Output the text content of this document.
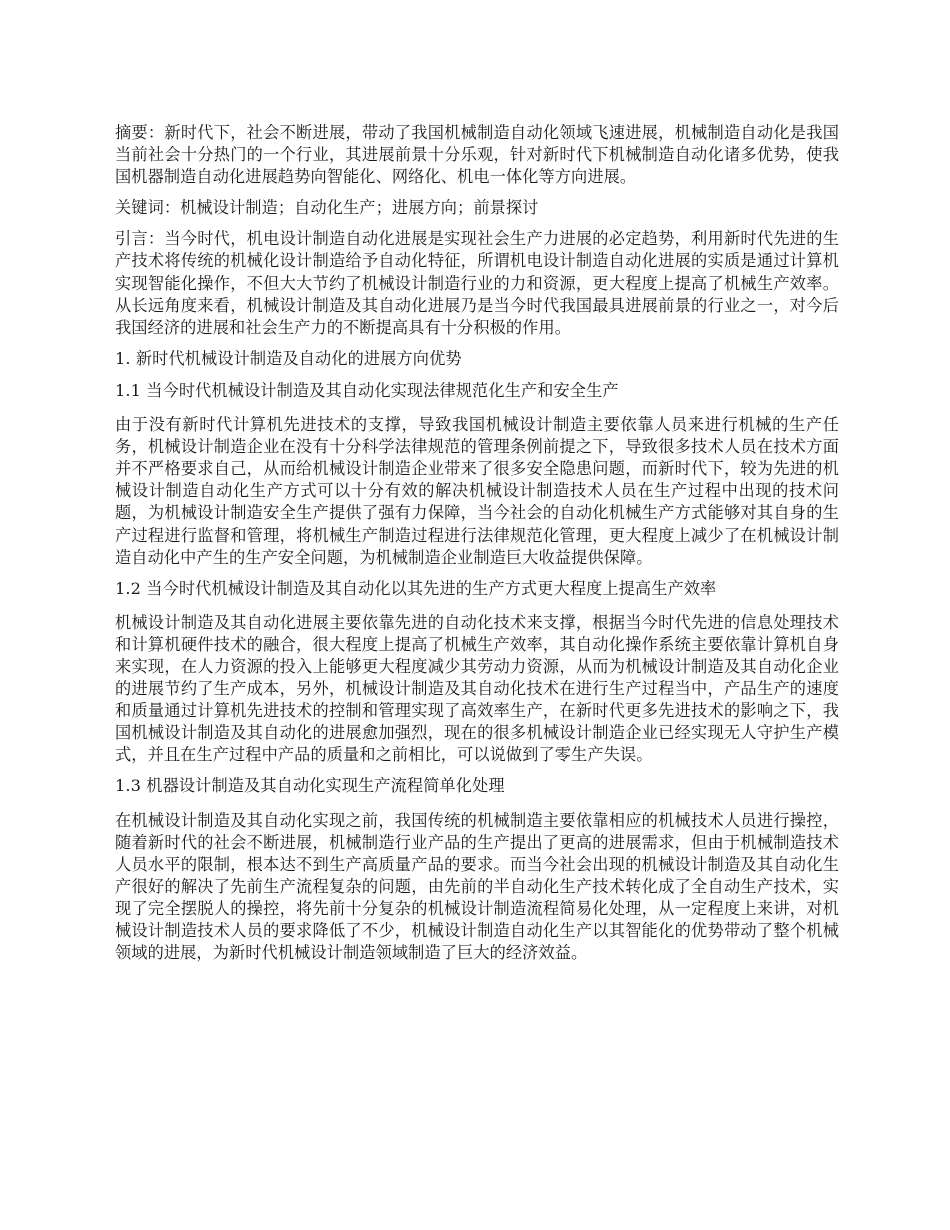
摘要：新时代下，社会不断进展，带动了我国机械制造自动化领域飞速进展，机械制造自动化是我国当前社会十分热门的一个行业，其进展前景十分乐观，针对新时代下机械制造自动化诸多优势，使我国机器制造自动化进展趋势向智能化、网络化、机电一体化等方向进展。

关键词：机械设计制造；自动化生产；进展方向；前景探讨

引言：当今时代，机电设计制造自动化进展是实现社会生产力进展的必定趋势，利用新时代先进的生产技术将传统的机械化设计制造给予自动化特征，所谓机电设计制造自动化进展的实质是通过计算机实现智能化操作，不但大大节约了机械设计制造行业的力和资源，更大程度上提高了机械生产效率。从长远角度来看，机械设计制造及其自动化进展乃是当今时代我国最具进展前景的行业之一，对今后我国经济的进展和社会生产力的不断提高具有十分积极的作用。

1. 新时代机械设计制造及自动化的进展方向优势

1.1 当今时代机械设计制造及其自动化实现法律规范化生产和安全生产

由于没有新时代计算机先进技术的支撑，导致我国机械设计制造主要依靠人员来进行机械的生产任务，机械设计制造企业在没有十分科学法律规范的管理条例前提之下，导致很多技术人员在技术方面并不严格要求自己，从而给机械设计制造企业带来了很多安全隐患问题，而新时代下，较为先进的机械设计制造自动化生产方式可以十分有效的解决机械设计制造技术人员在生产过程中出现的技术问题，为机械设计制造安全生产提供了强有力保障，当今社会的自动化机械生产方式能够对其自身的生产过程进行监督和管理，将机械生产制造过程进行法律规范化管理，更大程度上减少了在机械设计制造自动化中产生的生产安全问题，为机械制造企业制造巨大收益提供保障。

1.2 当今时代机械设计制造及其自动化以其先进的生产方式更大程度上提高生产效率

机械设计制造及其自动化进展主要依靠先进的自动化技术来支撑，根据当今时代先进的信息处理技术和计算机硬件技术的融合，很大程度上提高了机械生产效率，其自动化操作系统主要依靠计算机自身来实现，在人力资源的投入上能够更大程度减少其劳动力资源，从而为机械设计制造及其自动化企业的进展节约了生产成本，另外，机械设计制造及其自动化技术在进行生产过程当中，产品生产的速度和质量通过计算机先进技术的控制和管理实现了高效率生产，在新时代更多先进技术的影响之下，我国机械设计制造及其自动化的进展愈加强烈，现在的很多机械设计制造企业已经实现无人守护生产模式，并且在生产过程中产品的质量和之前相比，可以说做到了零生产失误。

1.3 机器设计制造及其自动化实现生产流程简单化处理

在机械设计制造及其自动化实现之前，我国传统的机械制造主要依靠相应的机械技术人员进行操控，随着新时代的社会不断进展，机械制造行业产品的生产提出了更高的进展需求，但由于机械制造技术人员水平的限制，根本达不到生产高质量产品的要求。而当今社会出现的机械设计制造及其自动化生产很好的解决了先前生产流程复杂的问题，由先前的半自动化生产技术转化成了全自动生产技术，实现了完全摆脱人的操控，将先前十分复杂的机械设计制造流程简易化处理，从一定程度上来讲，对机械设计制造技术人员的要求降低了不少，机械设计制造自动化生产以其智能化的优势带动了整个机械领域的进展，为新时代机械设计制造领域制造了巨大的经济效益。
